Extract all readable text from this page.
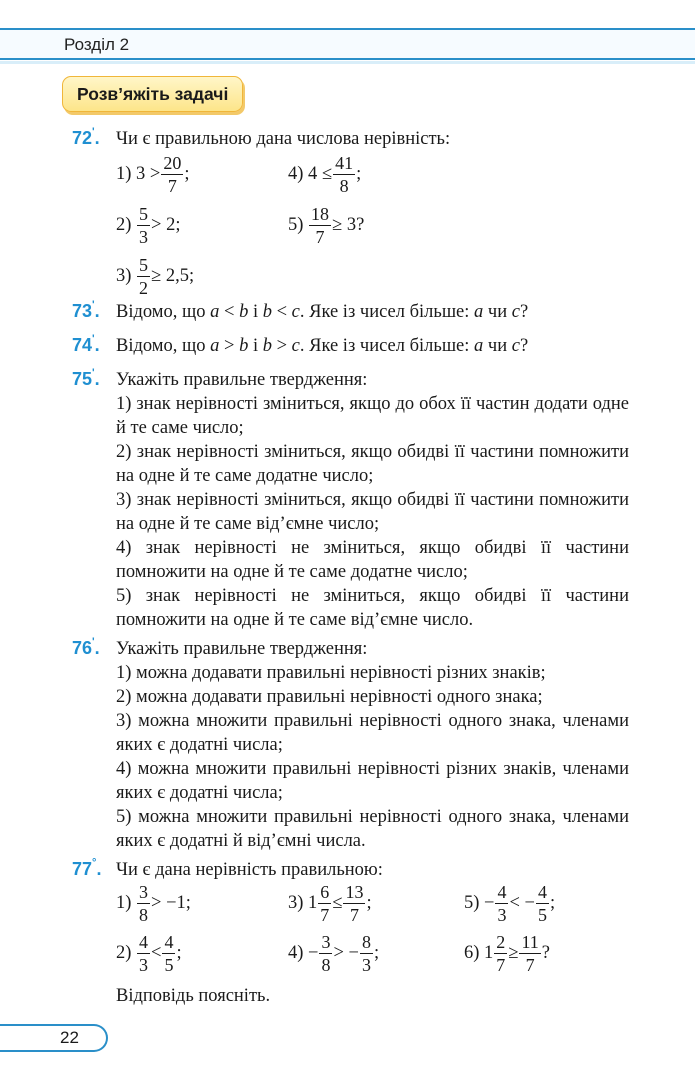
Розділ 2
Розв’яжіть задачі
72'. Чи є правильною дана числова нерівність:
1) $3 > \frac{20}{7}$ ;	4) $4 \le \frac{41}{8}$ ;
$2) \frac{5}{3} > 2$;	$5) \frac{18}{7} \ge 3$?
$3) \frac{5}{2} \ge 2,5$;
73'. Відомо, що a < b і b < c. Яке із чисел більше: a чи c?
74'. Відомо, що a > b і b > c. Яке із чисел більше: a чи c?
75'. Укажіть правильне твердження:

1) знак нерівності зміниться, якщо до обох її частин додати одне й те саме число;

2) знак нерівності зміниться, якщо обидві її частини помножити на одне й те саме додатне число;

3) знак нерівності зміниться, якщо обидві її частини помножити на одне й те саме від’ємне число;

4) знак нерівності не зміниться, якщо обидві її частини помножити на одне й те саме додатне число;

5) знак нерівності не зміниться, якщо обидві її частини помножити на одне й те саме від’ємне число.

76'. Укажіть правильне твердження:

1) можна додавати правильні нерівності різних знаків;

2) можна додавати правильні нерівності одного знака;

3) можна множити правильні нерівності одного знака, членами яких є додатні числа;

4) можна множити правильні нерівності різних знаків, членами яких є додатні числа;

5) можна множити правильні нерівності одного знака, членами яких є додатні й від’ємні числа.

77°. Чи є дана нерівність правильною:
$1) \frac{3}{8} > -1$;	3) $1 \frac{6}{7} \le \frac{13}{7}$ ;	$5) - \frac{4}{3}$ < − $\frac{4}{5}$ ;
$2) \frac{4}{3} < \frac{4}{5}$ ;	$4) - \frac{3}{8}$ > − $\frac{8}{3}$ ;	6) $1 \frac{2}{7} \ge \frac{11}{7}$ ?
Відповідь поясніть.
22
